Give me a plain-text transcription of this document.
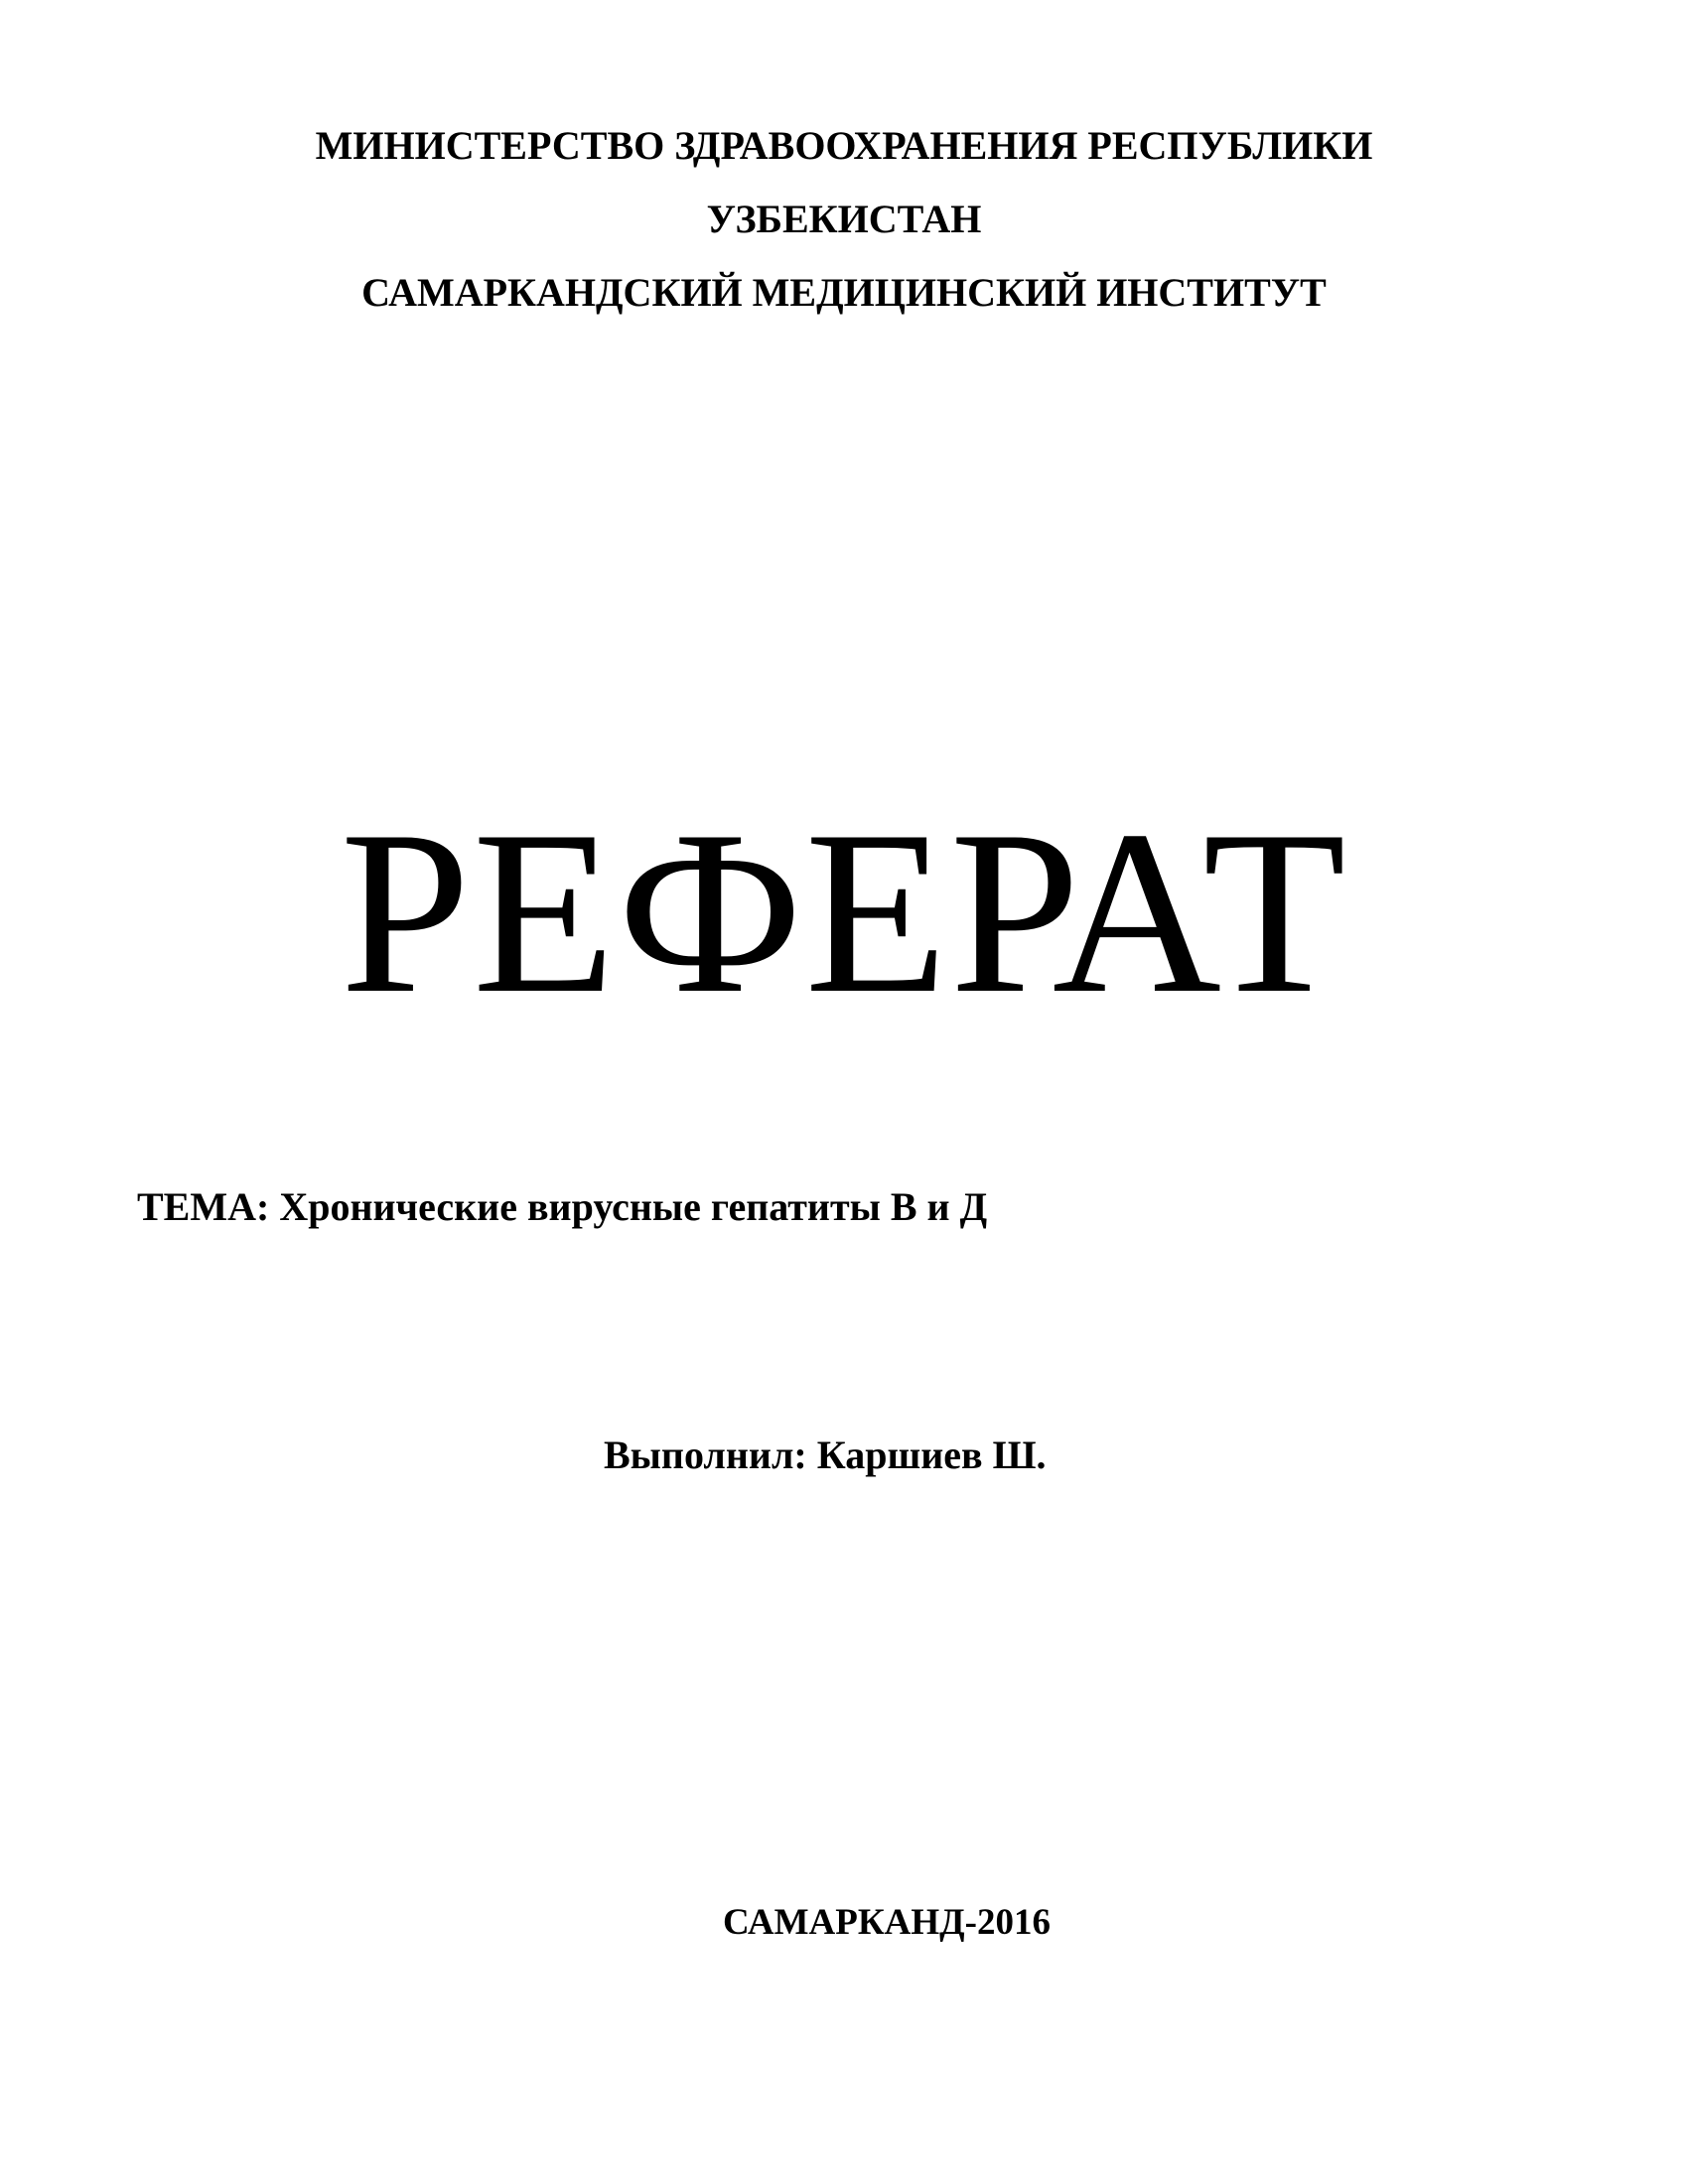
МИНИСТЕРСТВО ЗДРАВООХРАНЕНИЯ РЕСПУБЛИКИ
УЗБЕКИСТАН
САМАРКАНДСКИЙ МЕДИЦИНСКИЙ ИНСТИТУТ
РЕФЕРАТ
ТЕМА: Хронические вирусные гепатиты В и Д
Выполнил: Каршиев Ш.
САМАРКАНД-2016
